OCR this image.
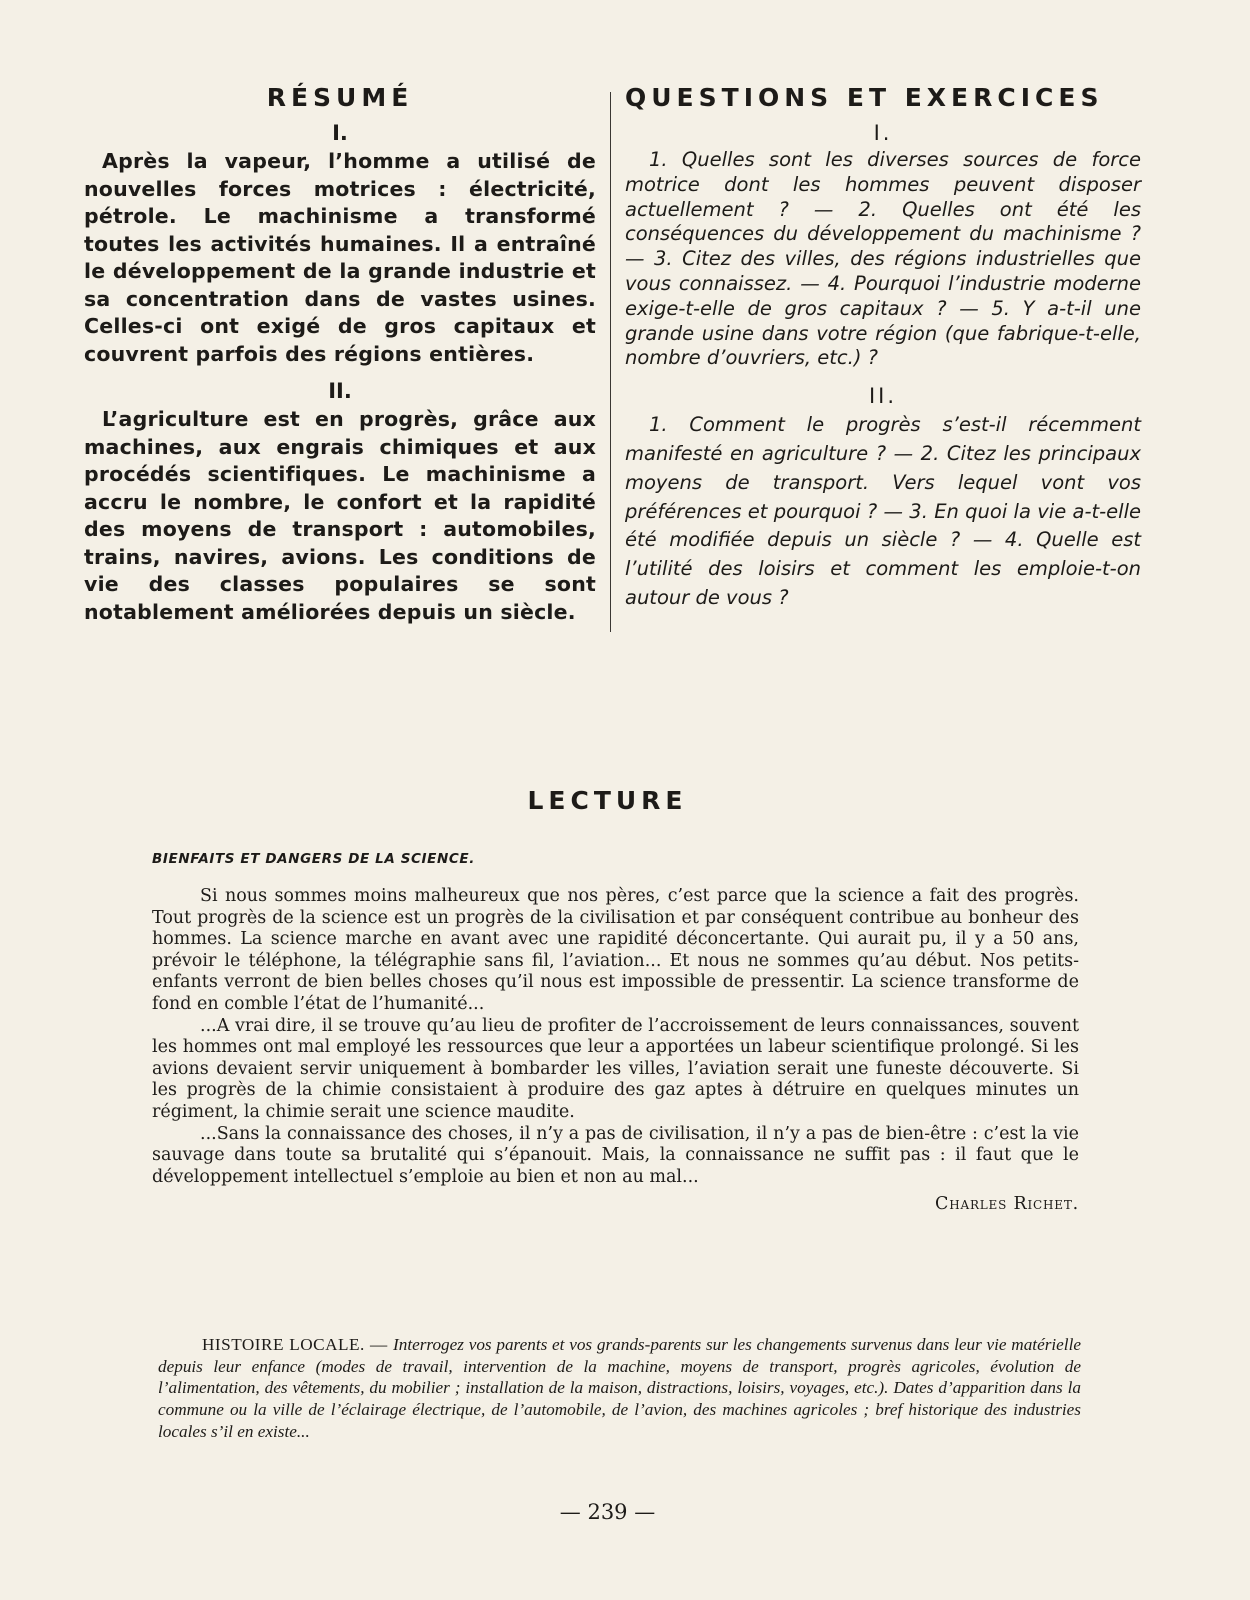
RÉSUMÉ
I.

Après la vapeur, l’homme a utilisé de nouvelles forces motrices : électricité, pétrole. Le machinisme a transformé toutes les activités humaines. Il a entraîné le développement de la grande industrie et sa concentration dans de vastes usines. Celles-ci ont exigé de gros capitaux et couvrent parfois des régions entières.

II.

L’agriculture est en progrès, grâce aux machines, aux engrais chimiques et aux procédés scientifiques. Le machinisme a accru le nombre, le confort et la rapidité des moyens de transport : automobiles, trains, navires, avions. Les conditions de vie des classes populaires se sont notablement améliorées depuis un siècle.

QUESTIONS ET EXERCICES
I.

1. Quelles sont les diverses sources de force motrice dont les hommes peuvent disposer actuellement ? — 2. Quelles ont été les conséquences du développement du machinisme ? — 3. Citez des villes, des régions industrielles que vous connaissez. — 4. Pourquoi l’industrie moderne exige-t-elle de gros capitaux ? — 5. Y a-t-il une grande usine dans votre région (que fabrique-t-elle, nombre d’ouvriers, etc.) ?

II.

1. Comment le progrès s’est-il récemment manifesté en agriculture ? — 2. Citez les principaux moyens de transport. Vers lequel vont vos préférences et pourquoi ? — 3. En quoi la vie a-t-elle été modifiée depuis un siècle ? — 4. Quelle est l’utilité des loisirs et comment les emploie-t-on autour de vous ?

LECTURE
BIENFAITS ET DANGERS DE LA SCIENCE.

Si nous sommes moins malheureux que nos pères, c’est parce que la science a fait des progrès. Tout progrès de la science est un progrès de la civilisation et par conséquent contribue au bonheur des hommes. La science marche en avant avec une rapidité déconcertante. Qui aurait pu, il y a 50 ans, prévoir le téléphone, la télégraphie sans fil, l’aviation... Et nous ne sommes qu’au début. Nos petits-enfants verront de bien belles choses qu’il nous est impossible de pressentir. La science transforme de fond en comble l’état de l’humanité...

...A vrai dire, il se trouve qu’au lieu de profiter de l’accroissement de leurs connaissances, souvent les hommes ont mal employé les ressources que leur a apportées un labeur scientifique prolongé. Si les avions devaient servir uniquement à bombarder les villes, l’aviation serait une funeste découverte. Si les progrès de la chimie consistaient à produire des gaz aptes à détruire en quelques minutes un régiment, la chimie serait une science maudite.

...Sans la connaissance des choses, il n’y a pas de civilisation, il n’y a pas de bien-être : c’est la vie sauvage dans toute sa brutalité qui s’épanouit. Mais, la connaissance ne suffit pas : il faut que le développement intellectuel s’emploie au bien et non au mal...

Charles Richet.

HISTOIRE LOCALE. — Interrogez vos parents et vos grands-parents sur les changements survenus dans leur vie matérielle depuis leur enfance (modes de travail, intervention de la machine, moyens de transport, progrès agricoles, évolution de l’alimentation, des vêtements, du mobilier ; installation de la maison, distractions, loisirs, voyages, etc.). Dates d’apparition dans la commune ou la ville de l’éclairage électrique, de l’automobile, de l’avion, des machines agricoles ; bref historique des industries locales s’il en existe...
— 239 —
